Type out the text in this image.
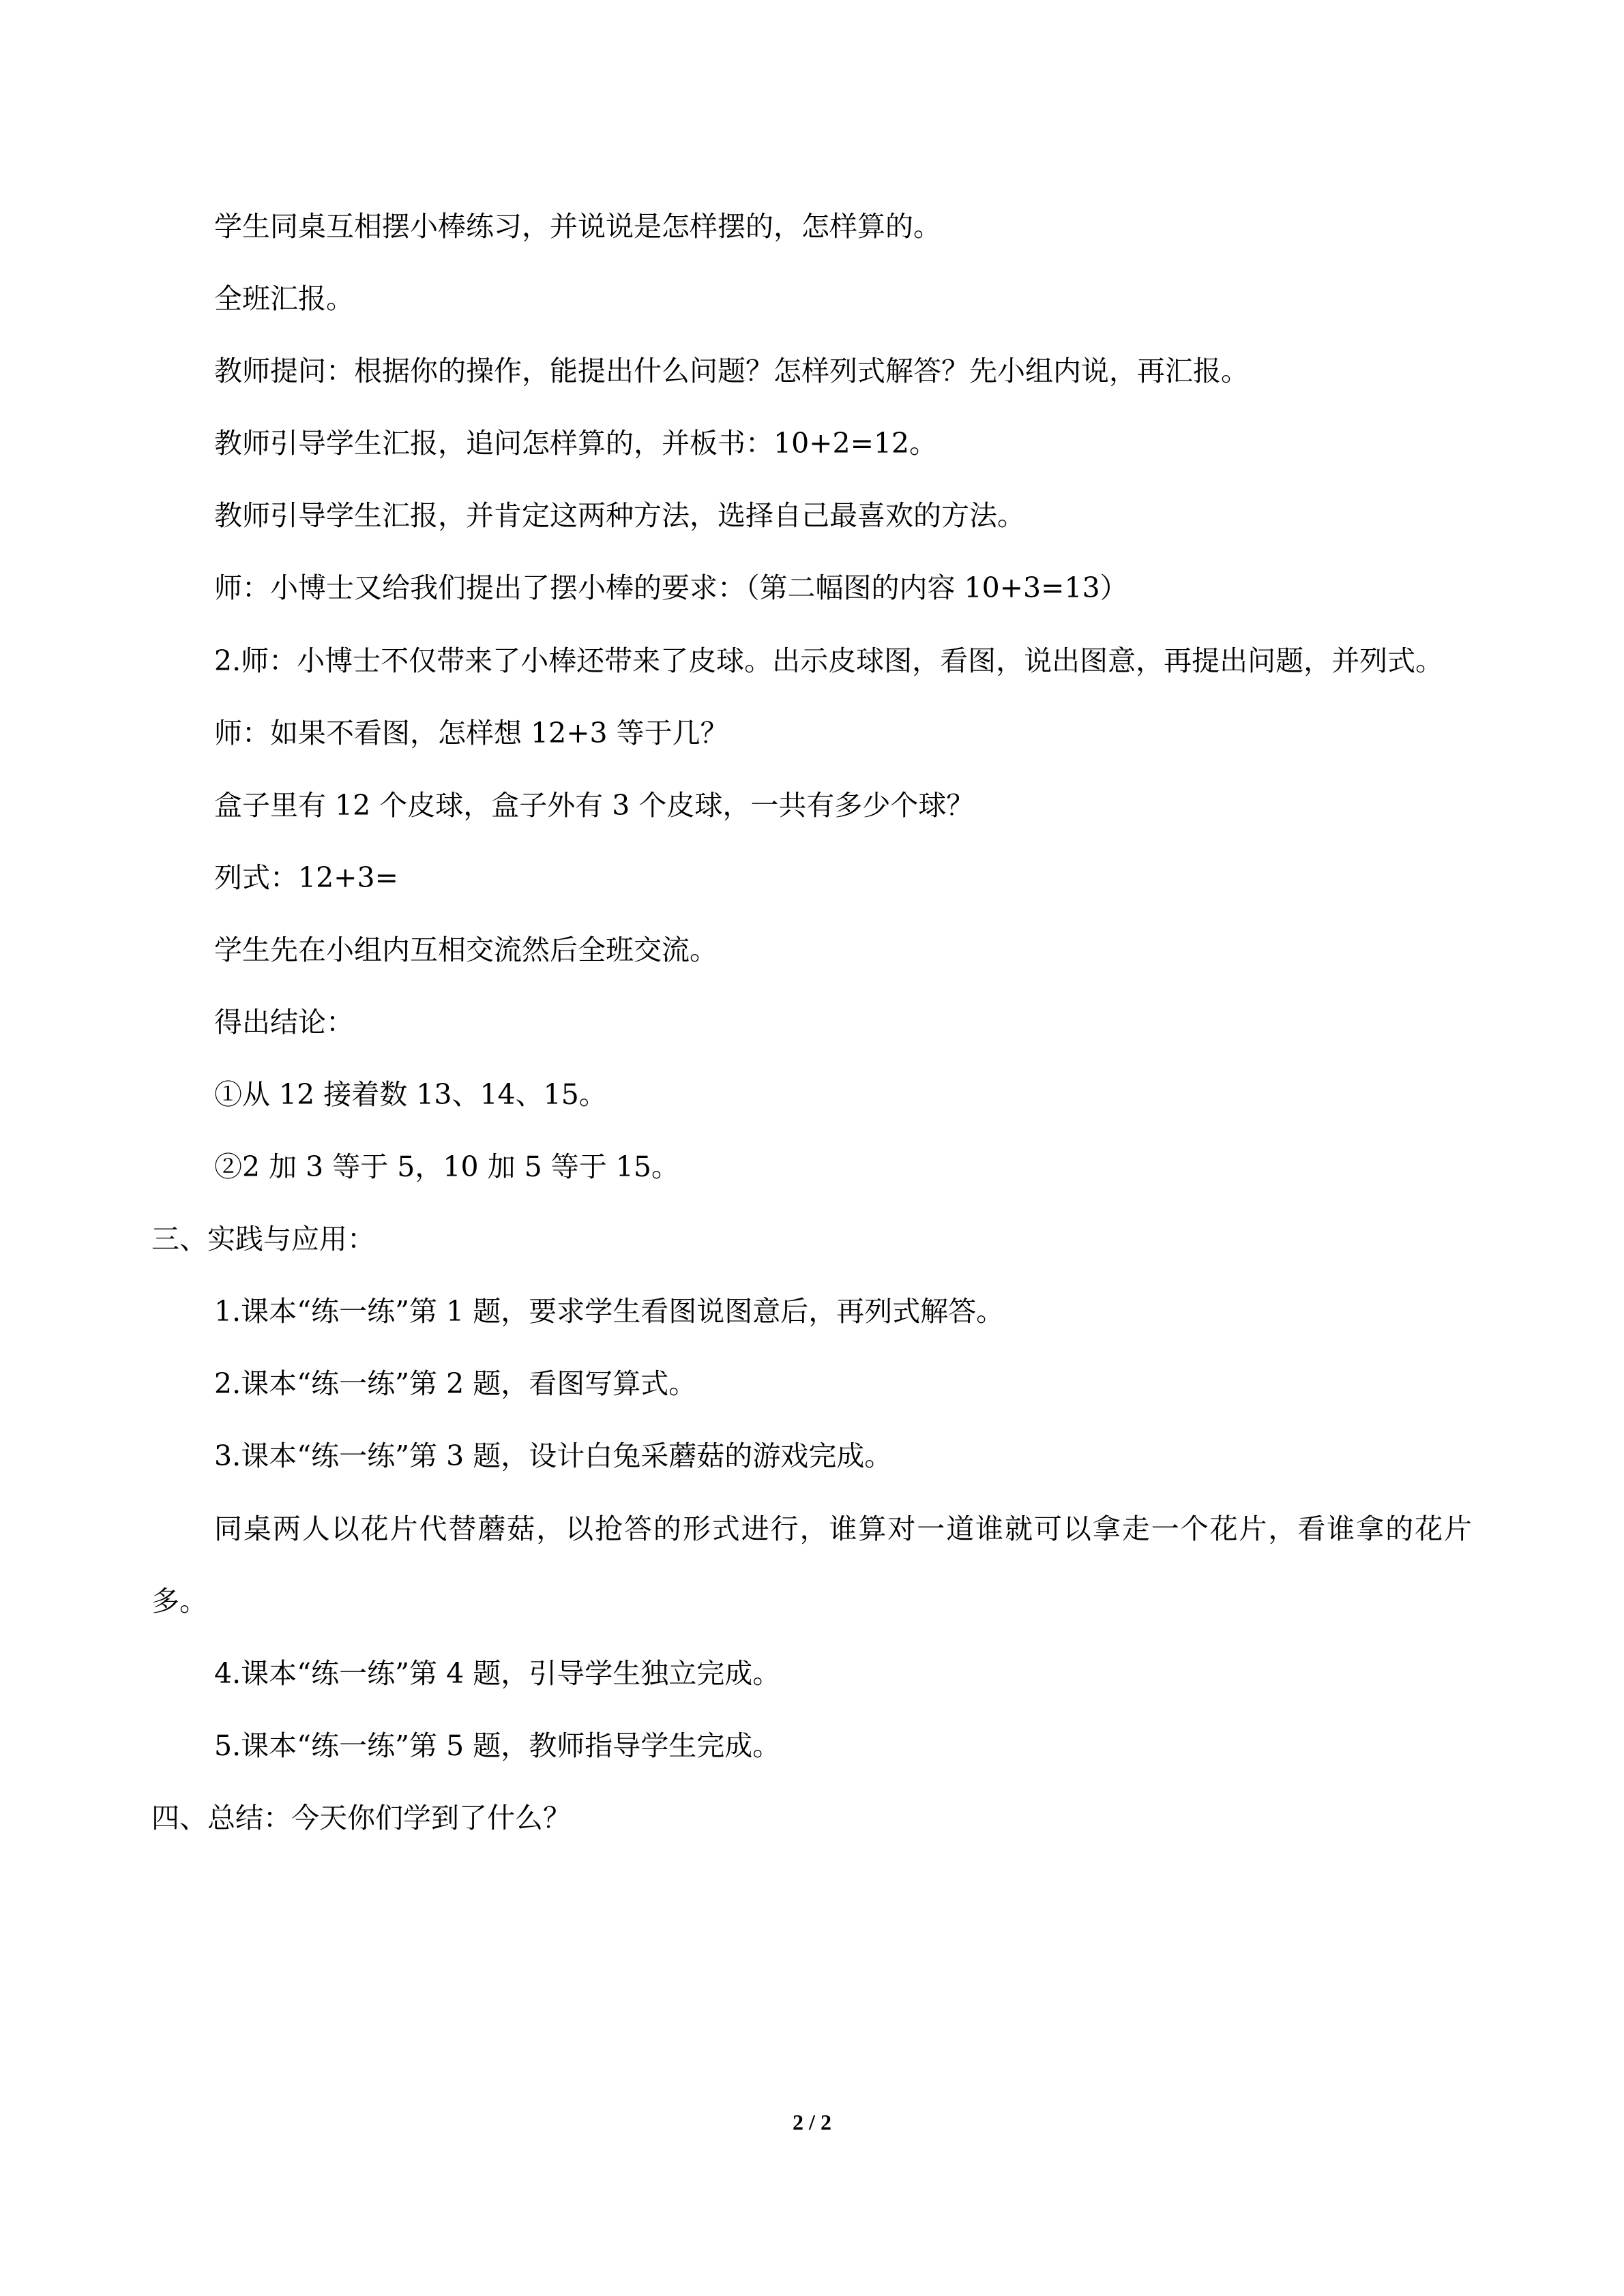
学生同桌互相摆小棒练习，并说说是怎样摆的，怎样算的。

全班汇报。

教师提问：根据你的操作，能提出什么问题？怎样列式解答？先小组内说，再汇报。

教师引导学生汇报，追问怎样算的，并板书：10+2=12。

教师引导学生汇报，并肯定这两种方法，选择自己最喜欢的方法。

师：小博士又给我们提出了摆小棒的要求：（第二幅图的内容 10+3=13）

2.师：小博士不仅带来了小棒还带来了皮球。出示皮球图，看图，说出图意，再提出问题，并列式。

师：如果不看图，怎样想 12+3 等于几？

盒子里有 12 个皮球，盒子外有 3 个皮球，一共有多少个球？

列式：12+3=

学生先在小组内互相交流然后全班交流。

得出结论：

①从 12 接着数 13、14、15。

②2 加 3 等于 5，10 加 5 等于 15。

三、实践与应用：

1.课本“练一练”第 1 题，要求学生看图说图意后，再列式解答。

2.课本“练一练”第 2 题，看图写算式。

3.课本“练一练”第 3 题，设计白兔采蘑菇的游戏完成。

同桌两人以花片代替蘑菇，以抢答的形式进行，谁算对一道谁就可以拿走一个花片，看谁拿的花片多。

4.课本“练一练”第 4 题，引导学生独立完成。

5.课本“练一练”第 5 题，教师指导学生完成。

四、总结：今天你们学到了什么？

2 / 2
